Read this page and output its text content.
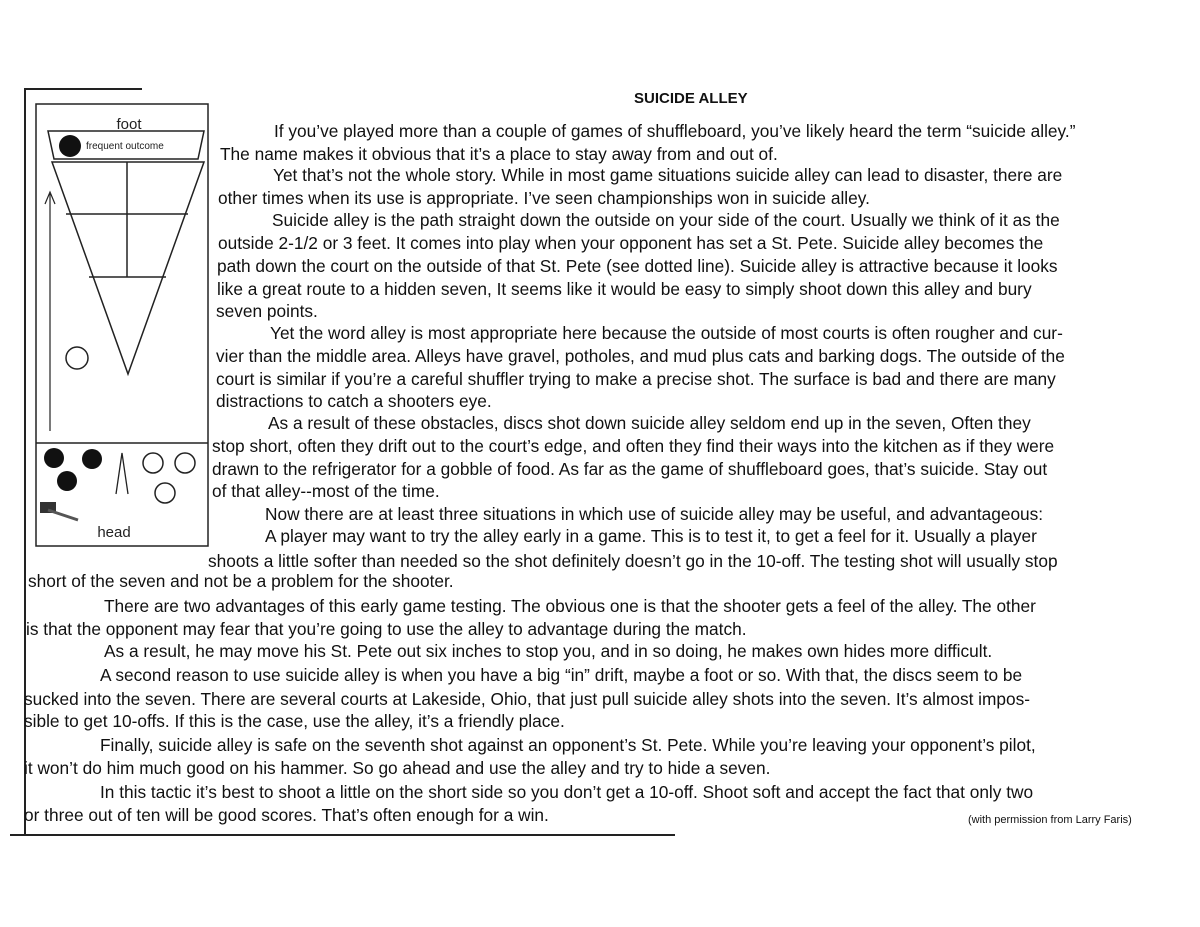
foot
frequent outcome
head
SUICIDE ALLEY
If you’ve played more than a couple of games of shuffleboard, you’ve likely heard the term “suicide alley.”
The name makes it obvious that it’s a place to stay away from and out of.
Yet that’s not the whole story. While in most game situations suicide alley can lead to disaster, there are
other times when its use is appropriate. I’ve seen championships won in suicide alley.
Suicide alley is the path straight down the outside on your side of the court. Usually we think of it as the
outside 2-1/2 or 3 feet. It comes into play when your opponent has set a St. Pete. Suicide alley becomes the
path down the court on the outside of that St. Pete (see dotted line). Suicide alley is attractive because it looks
like a great route to a hidden seven, It seems like it would be easy to simply shoot down this alley and bury
seven points.
Yet the word alley is most appropriate here because the outside of most courts is often rougher and cur-
vier than the middle area. Alleys have gravel, potholes, and mud plus cats and barking dogs. The outside of the
court is similar if you’re a careful shuffler trying to make a precise shot. The surface is bad and there are many
distractions to catch a shooters eye.
As a result of these obstacles, discs shot down suicide alley seldom end up in the seven, Often they
stop short, often they drift out to the court’s edge, and often they find their ways into the kitchen as if they were
drawn to the refrigerator for a gobble of food. As far as the game of shuffleboard goes, that’s suicide. Stay out
of that alley--most of the time.
Now there are at least three situations in which use of suicide alley may be useful, and advantageous:
A player may want to try the alley early in a game. This is to test it, to get a feel for it. Usually a player
shoots a little softer than needed so the shot definitely doesn’t go in the 10-off. The testing shot will usually stop
short of the seven and not be a problem for the shooter.
There are two advantages of this early game testing. The obvious one is that the shooter gets a feel of the alley. The other
is that the opponent may fear that you’re going to use the alley to advantage during the match.
As a result, he may move his St. Pete out six inches to stop you, and in so doing, he makes own hides more difficult.
A second reason to use suicide alley is when you have a big “in” drift, maybe a foot or so. With that, the discs seem to be
sucked into the seven. There are several courts at Lakeside, Ohio, that just pull suicide alley shots into the seven. It’s almost impos-
sible to get 10-offs. If this is the case, use the alley, it’s a friendly place.
Finally, suicide alley is safe on the seventh shot against an opponent’s St. Pete. While you’re leaving your opponent’s pilot,
it won’t do him much good on his hammer. So go ahead and use the alley and try to hide a seven.
In this tactic it’s best to shoot a little on the short side so you don’t get a 10-off. Shoot soft and accept the fact that only two
or three out of ten will be good scores. That’s often enough for a win.	(with permission from Larry Faris)
